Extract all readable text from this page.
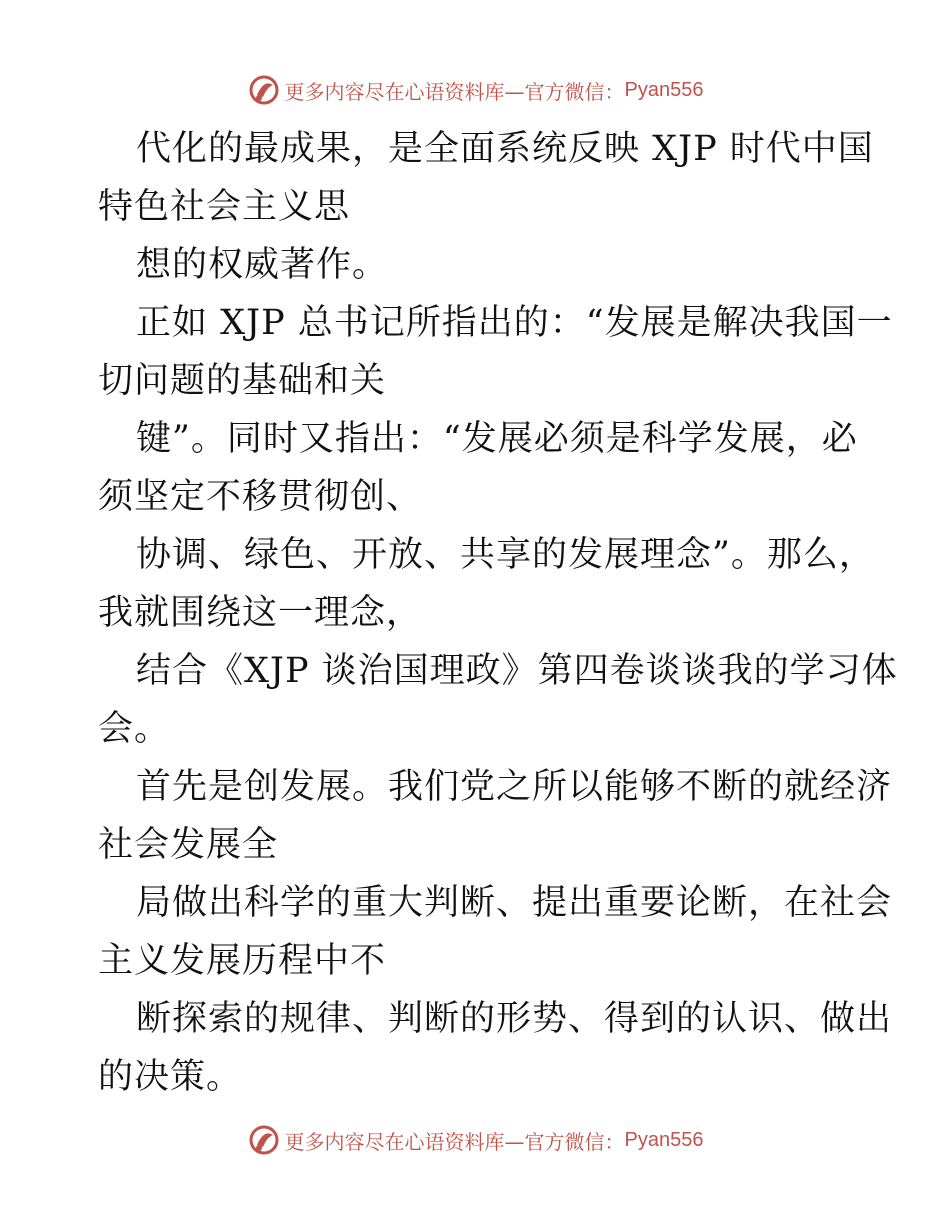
更多内容尽在心语资料库 —官方微信： Pyan556
代化的最成果，是全面系统反映 XJP 时代中国
特色社会主义思
想的权威著作。
正如 XJP 总书记所指出的：“发展是解决我国一
切问题的基础和关
键”。同时又指出：“发展必须是科学发展，必
须坚定不移贯彻创、
协调、绿色、开放、共享的发展理念”。那么，
我就围绕这一理念，
结合《XJP 谈治国理政》第四卷谈谈我的学习体
会。
首先是创发展。我们党之所以能够不断的就经济
社会发展全
局做出科学的重大判断、提出重要论断，在社会
主义发展历程中不
断探索的规律、判断的形势、得到的认识、做出
的决策。
更多内容尽在心语资料库 —官方微信： Pyan556
